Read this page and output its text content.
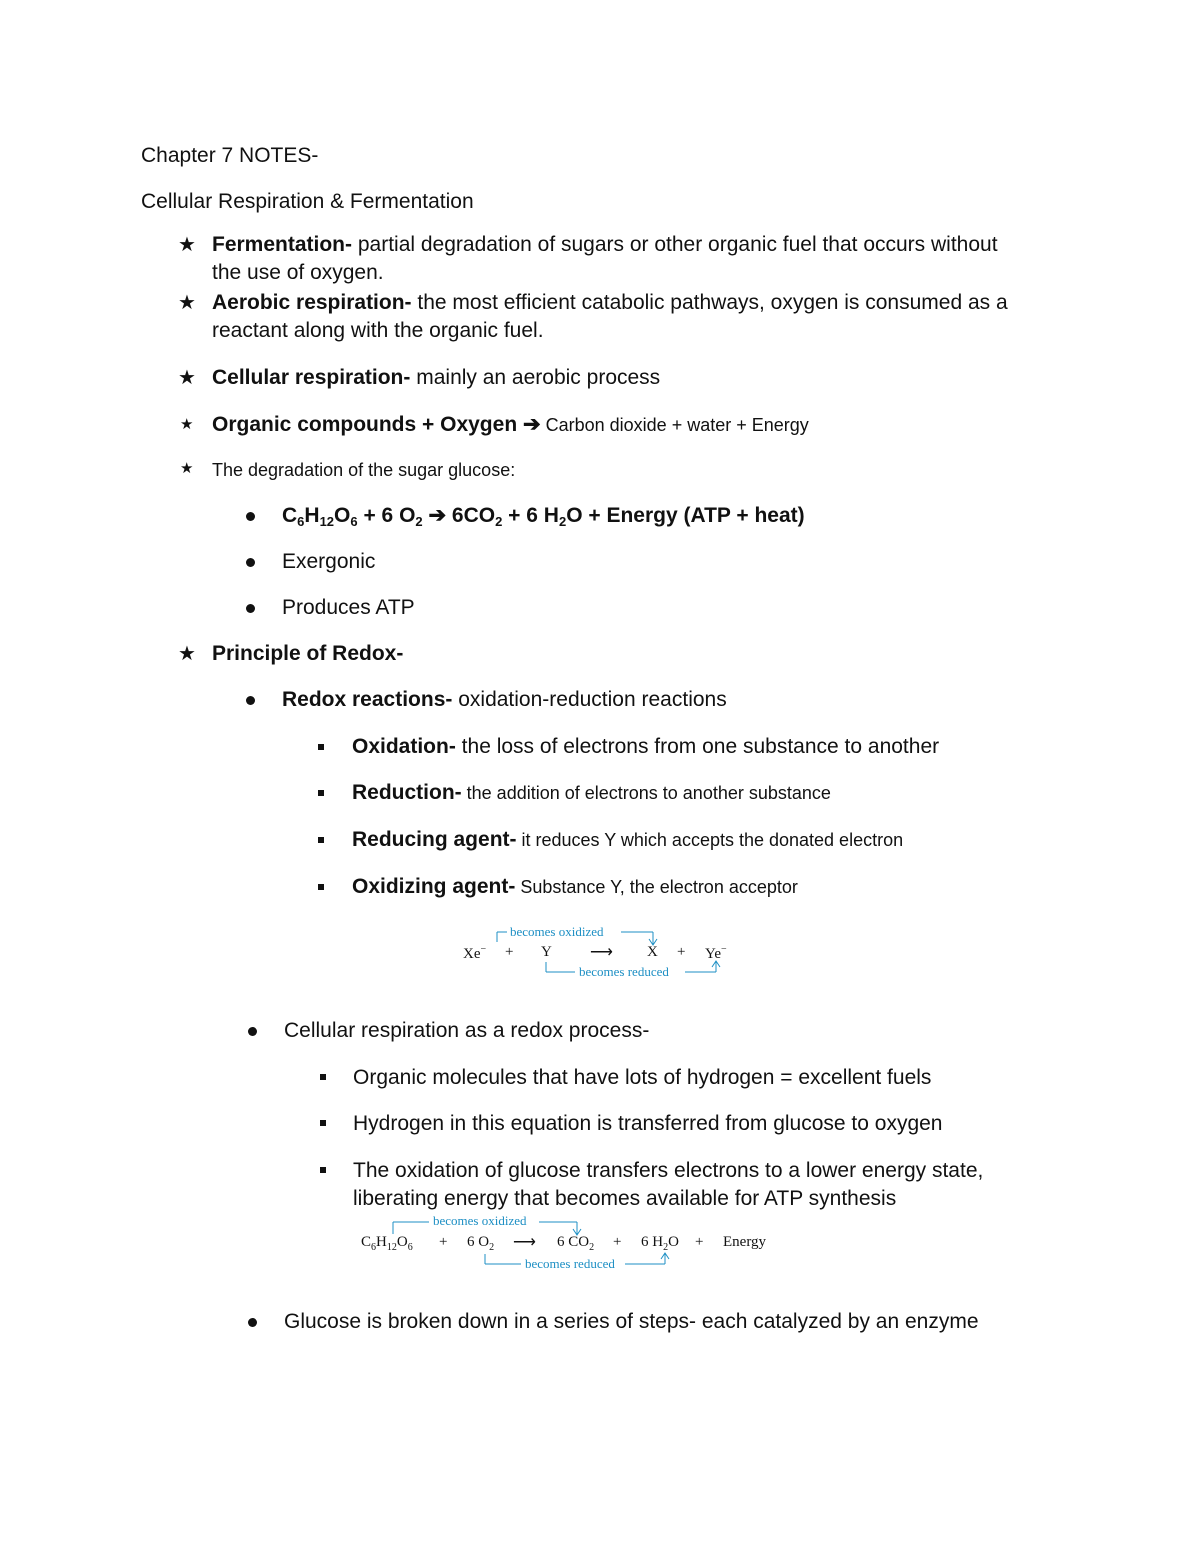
Chapter 7 NOTES-
Cellular Respiration & Fermentation
★ Fermentation- partial degradation of sugars or other organic fuel that occurs without
the use of oxygen.
★ Aerobic respiration- the most efficient catabolic pathways, oxygen is consumed as a
reactant along with the organic fuel.
★ Cellular respiration- mainly an aerobic process
★ Organic compounds + Oxygen ➔ Carbon dioxide + water + Energy
★ The degradation of the sugar glucose:
$C_6H_{12}O_6 + 6$ $O_2$ ➔ $6CO_2 + 6$ $H_2O$ + Energy (ATP + heat)
Exergonic
Produces ATP
★ Principle of Redox-
Redox reactions- oxidation-reduction reactions
Oxidation- the loss of electrons from one substance to another
Reduction- the addition of electrons to another substance
Reducing agent- it reduces Y which accepts the donated electron
Oxidizing agent- Substance Y, the electron acceptor
becomes oxidized
Xe− + Y ⟶ X + Ye−
becomes reduced
Cellular respiration as a redox process-
Organic molecules that have lots of hydrogen = excellent fuels
Hydrogen in this equation is transferred from glucose to oxygen
The oxidation of glucose transfers electrons to a lower energy state,
liberating energy that becomes available for ATP synthesis
becomes oxidized
$C_6H_{12}O_6 + 6$ $O_2$ ⟶ 6 $CO_2 + 6$ $H_2O$ + Energy
becomes reduced
Glucose is broken down in a series of steps- each catalyzed by an enzyme
